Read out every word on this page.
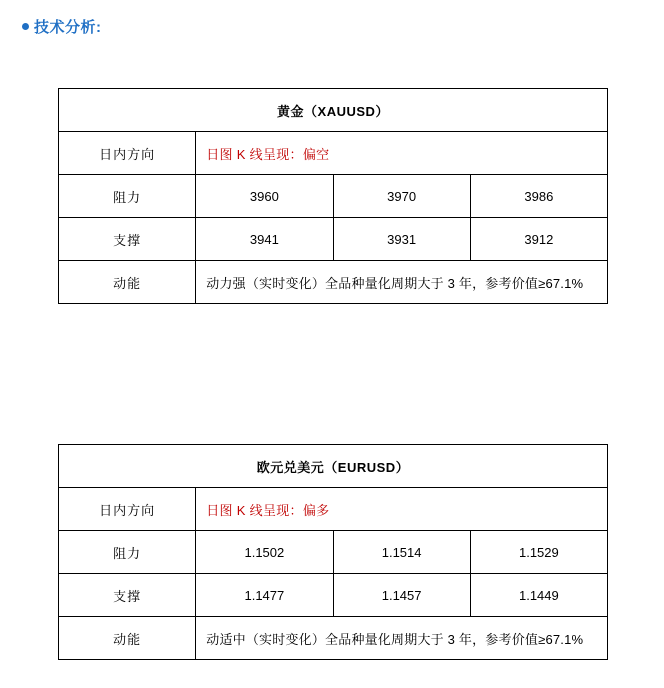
技术分析:
黄金（XAUUSD）			
日内方向	日图 K 线呈现：偏空		
阻力	3960	3970	3986
支撑	3941	3931	3912
动能	动力强（实时变化）全品种量化周期大于 3 年，参考价值≥67.1%		
欧元兑美元（EURUSD）			
日内方向	日图 K 线呈现：偏多		
阻力	1.1502	1.1514	1.1529
支撑	1.1477	1.1457	1.1449
动能	动适中（实时变化）全品种量化周期大于 3 年，参考价值≥67.1%		
